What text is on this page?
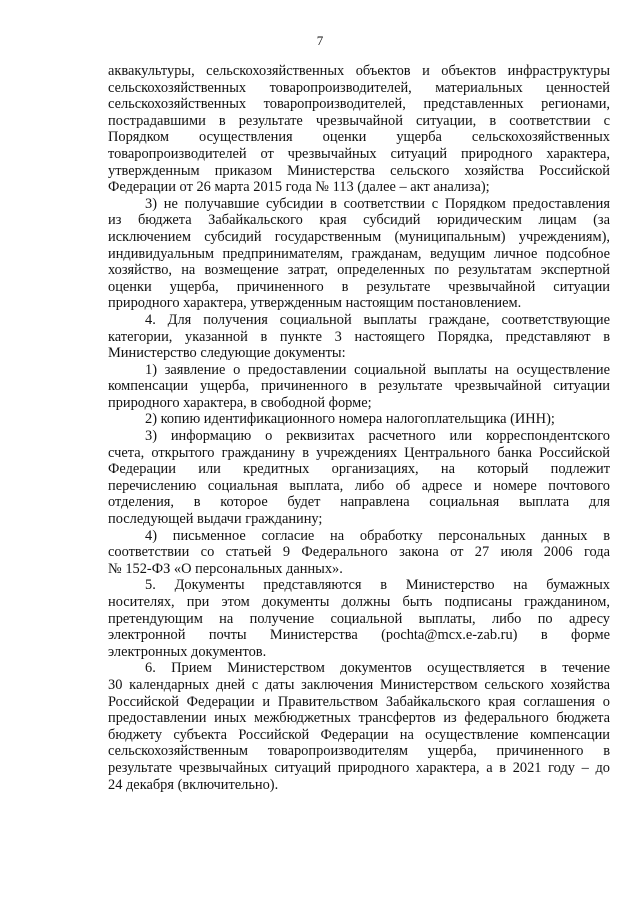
7
аквакультуры, сельскохозяйственных объектов и объектов инфраструктуры
сельскохозяйственных товаропроизводителей, материальных ценностей
сельскохозяйственных товаропроизводителей, представленных регионами,
пострадавшими в результате чрезвычайной ситуации, в соответствии с
Порядком осуществления оценки ущерба сельскохозяйственных
товаропроизводителей от чрезвычайных ситуаций природного характера,
утвержденным приказом Министерства сельского хозяйства Российской
Федерации от 26 марта 2015 года № 113 (далее – акт анализа);
3) не получавшие субсидии в соответствии с Порядком предоставления
из бюджета Забайкальского края субсидий юридическим лицам (за
исключением субсидий государственным (муниципальным) учреждениям),
индивидуальным предпринимателям, гражданам, ведущим личное подсобное
хозяйство, на возмещение затрат, определенных по результатам экспертной
оценки ущерба, причиненного в результате чрезвычайной ситуации
природного характера, утвержденным настоящим постановлением.
4. Для получения социальной выплаты граждане, соответствующие
категории, указанной в пункте 3 настоящего Порядка, представляют в
Министерство следующие документы:
1) заявление о предоставлении социальной выплаты на осуществление
компенсации ущерба, причиненного в результате чрезвычайной ситуации
природного характера, в свободной форме;
2) копию идентификационного номера налогоплательщика (ИНН);
3) информацию о реквизитах расчетного или корреспондентского
счета, открытого гражданину в учреждениях Центрального банка Российской
Федерации или кредитных организациях, на который подлежит
перечислению социальная выплата, либо об адресе и номере почтового
отделения, в которое будет направлена социальная выплата для
последующей выдачи гражданину;
4) письменное согласие на обработку персональных данных в
соответствии со статьей 9 Федерального закона от 27 июля 2006 года
№ 152-ФЗ «О персональных данных».
5. Документы представляются в Министерство на бумажных
носителях, при этом документы должны быть подписаны гражданином,
претендующим на получение социальной выплаты, либо по адресу
электронной почты Министерства (pochta@mcx.e-zab.ru) в форме
электронных документов.
6. Прием Министерством документов осуществляется в течение
30 календарных дней с даты заключения Министерством сельского хозяйства
Российской Федерации и Правительством Забайкальского края соглашения о
предоставлении иных межбюджетных трансфертов из федерального бюджета
бюджету субъекта Российской Федерации на осуществление компенсации
сельскохозяйственным товаропроизводителям ущерба, причиненного в
результате чрезвычайных ситуаций природного характера, а в 2021 году – до
24 декабря (включительно).
